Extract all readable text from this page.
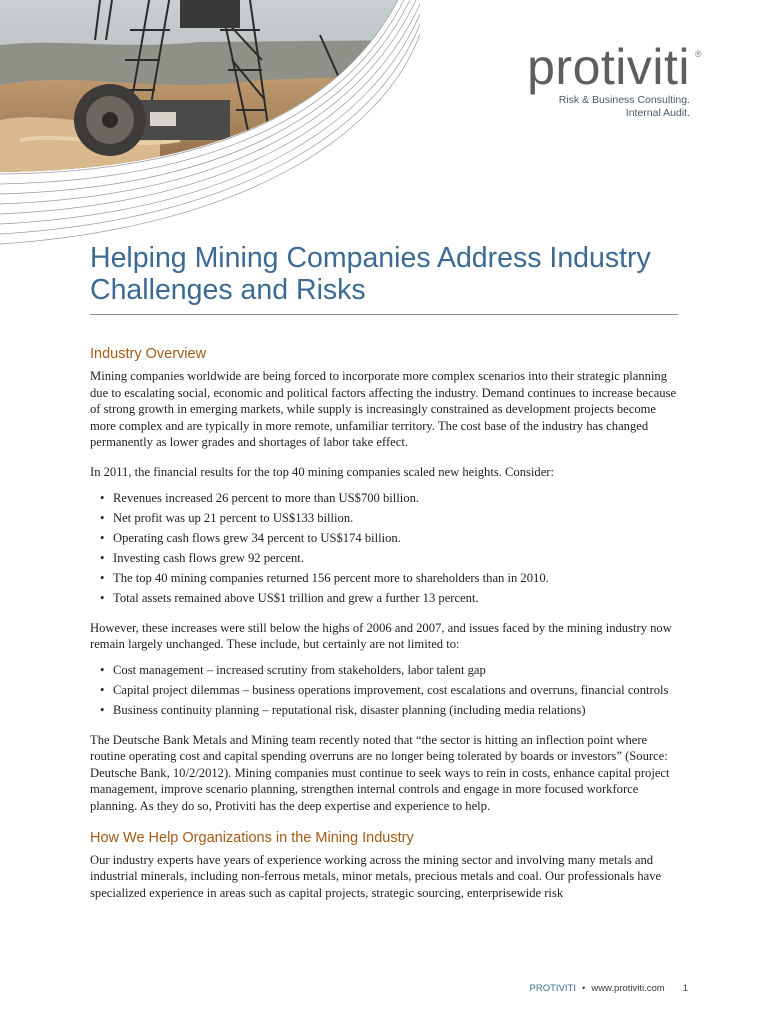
protiviti ®
Risk & Business Consulting.
Internal Audit.
Helping Mining Companies Address Industry Challenges and Risks
Industry Overview

Mining companies worldwide are being forced to incorporate more complex scenarios into their strategic planning due to escalating social, economic and political factors affecting the industry. Demand continues to increase because of strong growth in emerging markets, while supply is increasingly constrained as development projects become more complex and are typically in more remote, unfamiliar territory. The cost base of the industry has changed permanently as lower grades and shortages of labor take effect.

In 2011, the financial results for the top 40 mining companies scaled new heights. Consider:

• Revenues increased 26 percent to more than US$700 billion.
• Net profit was up 21 percent to US$133 billion.
• Operating cash flows grew 34 percent to US$174 billion.
• Investing cash flows grew 92 percent.
• The top 40 mining companies returned 156 percent more to shareholders than in 2010.
• Total assets remained above US$1 trillion and grew a further 13 percent.

However, these increases were still below the highs of 2006 and 2007, and issues faced by the mining industry now remain largely unchanged. These include, but certainly are not limited to:

• Cost management – increased scrutiny from stakeholders, labor talent gap
• Capital project dilemmas – business operations improvement, cost escalations and overruns, financial controls
• Business continuity planning – reputational risk, disaster planning (including media relations)

The Deutsche Bank Metals and Mining team recently noted that “the sector is hitting an inflection point where routine operating cost and capital spending overruns are no longer being tolerated by boards or investors” (Source: Deutsche Bank, 10/2/2012). Mining companies must continue to seek ways to rein in costs, enhance capital project management, improve scenario planning, strengthen internal controls and engage in more focused workforce planning. As they do so, Protiviti has the deep expertise and experience to help.

How We Help Organizations in the Mining Industry

Our industry experts have years of experience working across the mining sector and involving many metals and industrial minerals, including non-ferrous metals, minor metals, precious metals and coal. Our professionals have specialized experience in areas such as capital projects, strategic sourcing, enterprisewide risk

PROTIVITI • www.protiviti.com 1
